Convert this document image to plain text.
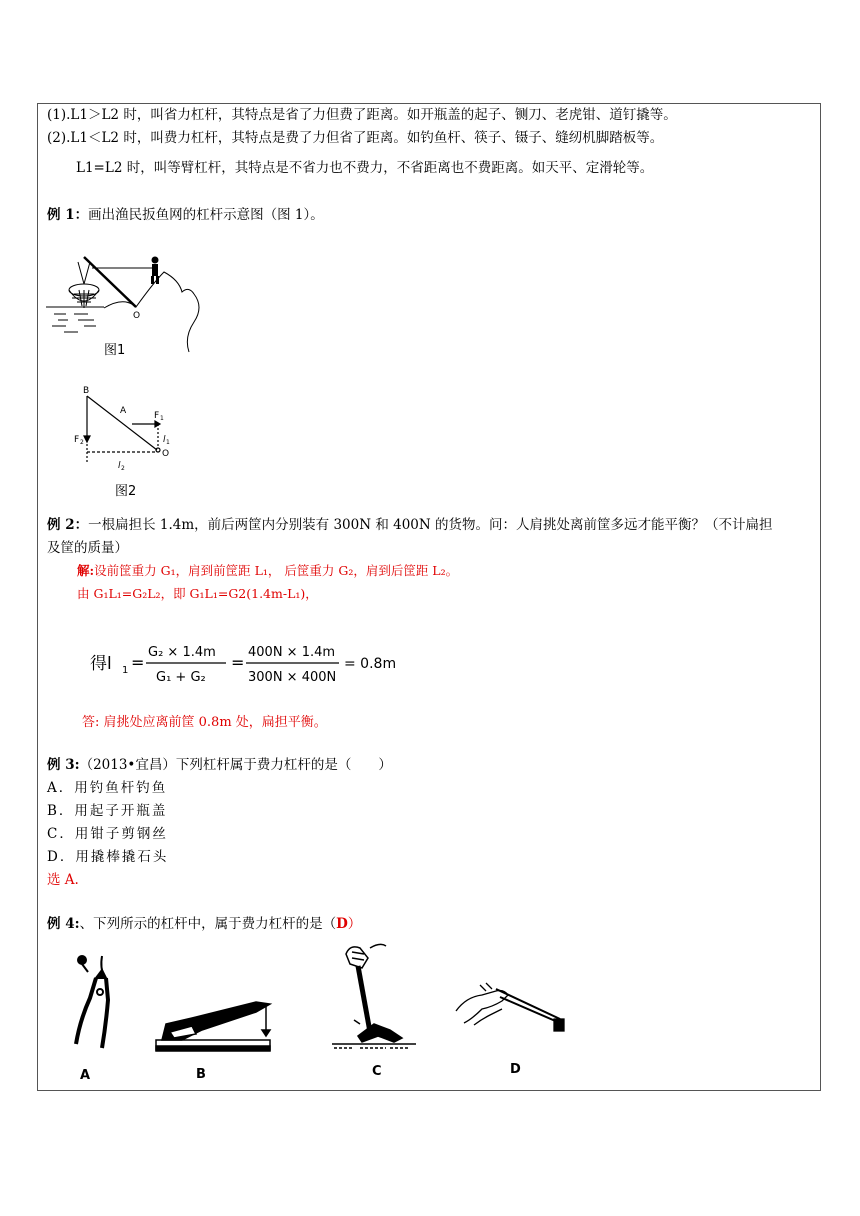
(1).L1＞L2 时，叫省力杠杆，其特点是省了力但费了距离。如开瓶盖的起子、铡刀、老虎钳、道钉撬等。
(2).L1＜L2 时，叫费力杠杆，其特点是费了力但省了距离。如钓鱼杆、筷子、镊子、缝纫机脚踏板等。
L1=L2 时，叫等臂杠杆，其特点是不省力也不费力，不省距离也不费距离。如天平、定滑轮等。
例 1：画出渔民扳鱼网的杠杆示意图（图 1）。
O
图1
B
A	F 1
F 2	l 1
O
l 2
图2
例 2：一根扁担长 1.4m，前后两筐内分别装有 300N 和 400N 的货物。问：人肩挑处离前筐多远才能平衡？（不计扁担
及筐的质量）
解:设前筐重力 G₁，肩到前筐距 L₁， 后筐重力 G₂，肩到后筐距 L₂。
由 G₁L₁=G₂L₂，即 G₁L₁=G2(1.4m-L₁)，
得l 1 =
G₂ × 1.4m
G₁ + G₂
=
400N × 1.4m
300N × 400N
= 0.8m
答: 肩挑处应离前筐 0.8m 处，扁担平衡。
例 3:（2013•宜昌）下列杠杆属于费力杠杆的是（　　）
A．用钓鱼杆钓鱼
B．用起子开瓶盖
C．用钳子剪钢丝
D．用撬棒撬石头
选 A.
例 4:、下列所示的杠杆中，属于费力杠杆的是（D）
A	B	C	D
